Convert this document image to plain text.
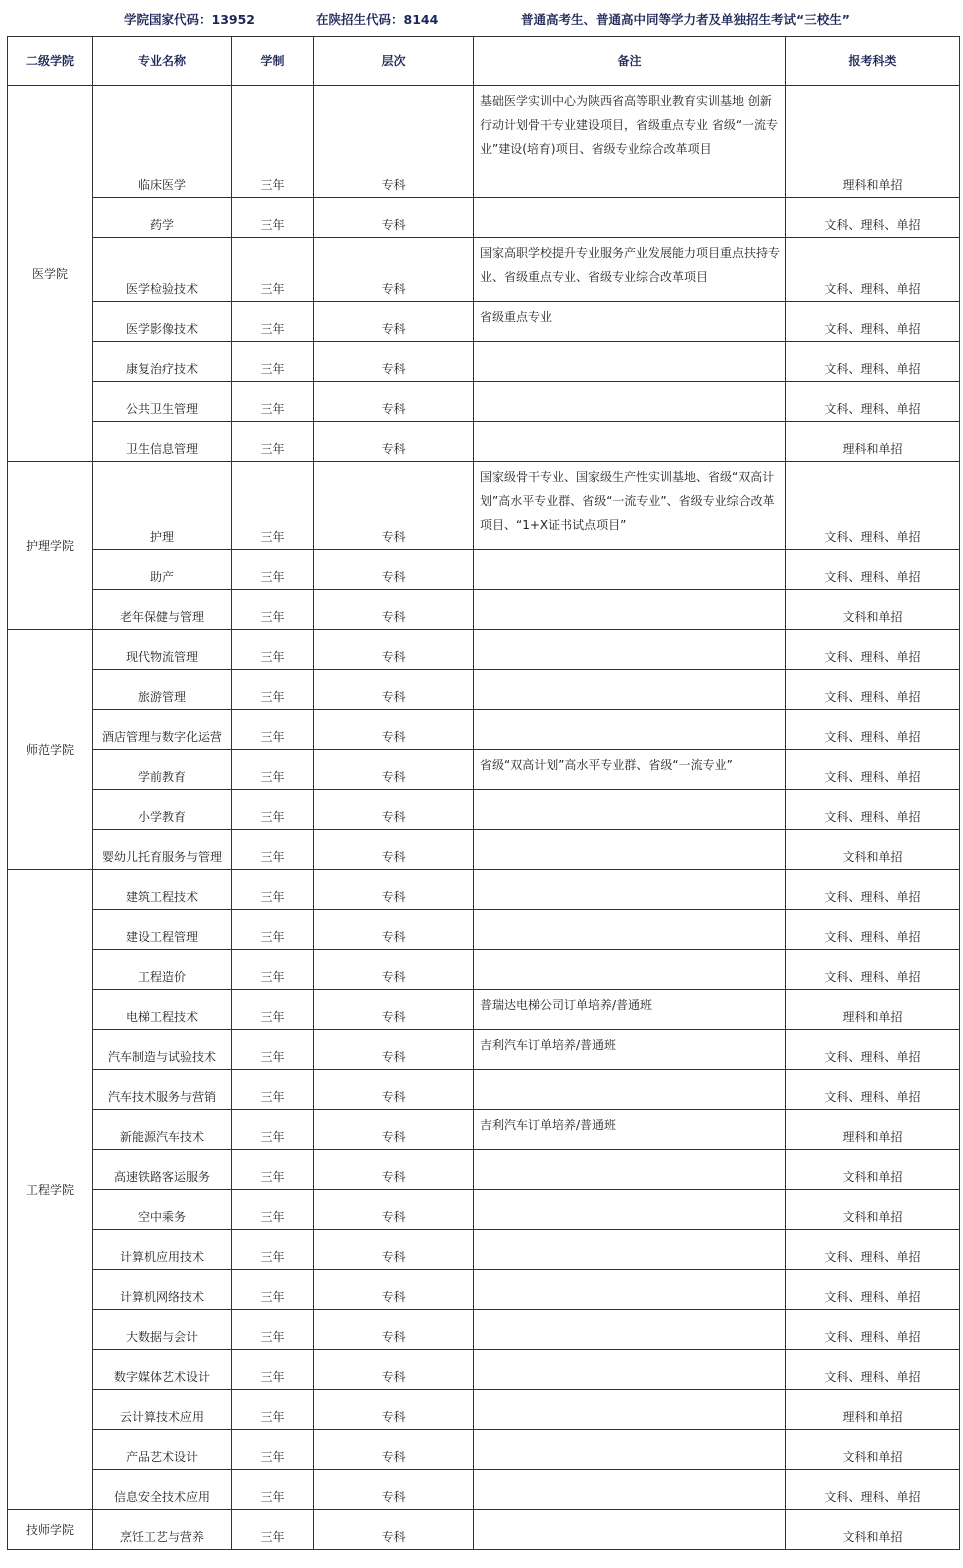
学院国家代码：13952	在陕招生代码：8144	普通高考生、普通高中同等学力者及单独招生考试“三校生”
二级学院	专业名称	学制	层次	备注	报考科类
医学院	临床医学	三年	专科	基础医学实训中心为陕西省高等职业教育实训基地 创新行动计划骨干专业建设项目，省级重点专业 省级“一流专业”建设(培育)项目、省级专业综合改革项目	理科和单招
	药学	三年	专科		文科、理科、单招
	医学检验技术	三年	专科	国家高职学校提升专业服务产业发展能力项目重点扶持专业、省级重点专业、省级专业综合改革项目	文科、理科、单招
	医学影像技术	三年	专科	省级重点专业	文科、理科、单招
	康复治疗技术	三年	专科		文科、理科、单招
	公共卫生管理	三年	专科		文科、理科、单招
	卫生信息管理	三年	专科		理科和单招
护理学院	护理	三年	专科	国家级骨干专业、国家级生产性实训基地、省级“双高计划”高水平专业群、省级“一流专业”、省级专业综合改革项目、“1+X证书试点项目”	文科、理科、单招
	助产	三年	专科		文科、理科、单招
	老年保健与管理	三年	专科		文科和单招
师范学院	现代物流管理	三年	专科		文科、理科、单招
	旅游管理	三年	专科		文科、理科、单招
	酒店管理与数字化运营	三年	专科		文科、理科、单招
	学前教育	三年	专科	省级“双高计划”高水平专业群、省级“一流专业”	文科、理科、单招
	小学教育	三年	专科		文科、理科、单招
	婴幼儿托育服务与管理	三年	专科		文科和单招
工程学院	建筑工程技术	三年	专科		文科、理科、单招
	建设工程管理	三年	专科		文科、理科、单招
	工程造价	三年	专科		文科、理科、单招
	电梯工程技术	三年	专科	普瑞达电梯公司订单培养/普通班	理科和单招
	汽车制造与试验技术	三年	专科	吉利汽车订单培养/普通班	文科、理科、单招
	汽车技术服务与营销	三年	专科		文科、理科、单招
	新能源汽车技术	三年	专科	吉利汽车订单培养/普通班	理科和单招
	高速铁路客运服务	三年	专科		文科和单招
	空中乘务	三年	专科		文科和单招
	计算机应用技术	三年	专科		文科、理科、单招
	计算机网络技术	三年	专科		文科、理科、单招
	大数据与会计	三年	专科		文科、理科、单招
	数字媒体艺术设计	三年	专科		文科、理科、单招
	云计算技术应用	三年	专科		理科和单招
	产品艺术设计	三年	专科		文科和单招
	信息安全技术应用	三年	专科		文科、理科、单招
技师学院	烹饪工艺与营养	三年	专科		文科和单招
